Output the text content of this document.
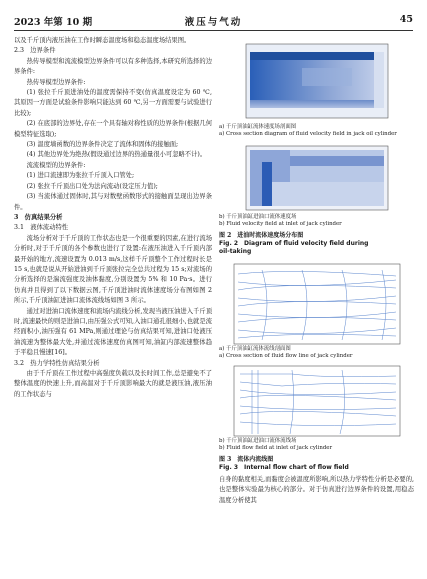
2023 年第 10 期	液压与气动	45

以及千斤顶内液压油在工作时瞬态温度场和稳态温度场结果图。

2.3　边界条件

热传导模型和流流模型边界条件可以有多种选择,本研究所选择的边界条件:

热传导模型边界条件:

(1) 张拉千斤顶进油处的温度需保持不变(仿真温度设定为 60 ℃,其原因一方面是试验条件影响只能达到 60 ℃,另一方面需要与试验进行比较);

(2) 在底部的边界处,存在一个具有轴对称性质的边界条件(根据几何模型特征选取);

(3) 温度墙函数的边界条件决定了流体和固体的接触面;

(4) 其他边界处为绝热(假设通过边界的热通量很小可忽略不计)。

流流模型的边界条件:

(1) 进口流速即为张拉千斤顶入口管处;

(2) 张拉千斤顶出口处为法向流动(设定压力值);

(3) 当流体通过固体时,其与对数壁函数形式的接触面呈现出边界条件。

3　仿真结果分析

3.1　液体流动特性

流场分析对于千斤顶的工作状态也是一个很重要的因素,在进行流场分析时,对于千斤顶的各个参数也进行了设置:在液压油进入千斤顶内部最开始的地方,流速设置为 0.013 m/s,这样千斤顶整个工作过程时长是 15 s,也就是说从开始进油到千斤顶张拉完全总共过程为 15 s;对流场的分析选择的是湍流强度及油体黏度,分别设置为 5% 和 10 Pa·s。进行仿真并且得到了以下数据云图,千斤顶进油时流体速度场分布图如图 2 所示,千斤顶油缸进油口流体流线场如图 3 所示。

通过对进油口流体速度和流场内流线分析,发现当液压油进入千斤顶时,流速最快的则是进油口,由压强公式可知,入油口通孔很细小,也就是流经面积小,油压强有 61 MPa,则通过理论与仿真结果可知,进油口处液压油流速为整体最大处,并通过流体速度仿真图可知,油缸内部流速整体趋于平稳且慢速[16]。

3.2　热力学特性仿真结果分析

由于千斤顶在工作过程中高强度负载以及长时间工作,总是避免不了整体温度的快速上升,而高温对于千斤顶影响最大的就是液压油,液压油的工作状态与

a) 千斤顶油缸流体速度场剖面图

a) Cross section diagram of fluid velocity field in jack oil cylinder

b) 千斤顶油缸进油口流体速度场

b) Fluid velocity field at inlet of jack cylinder

图 2　进油时流体速度场分布图

Fig. 2　Diagram of fluid velocity field during

oil-taking

a) 千斤顶油缸流体流线剖面图

a) Cross section of fluid flow line of jack cylinder

b) 千斤顶油缸进油口流体流线场

b) Fluid flow field at inlet of jack cylinder

图 3　流体内流线图

Fig. 3　Internal flow chart of flow field

自身的黏度相关,而黏度会被温度所影响,所以热力学特性分析是必要的,也是整体实验最为核心的部分。对于仿真进行边界条件的设置,用稳态温度分析使其
